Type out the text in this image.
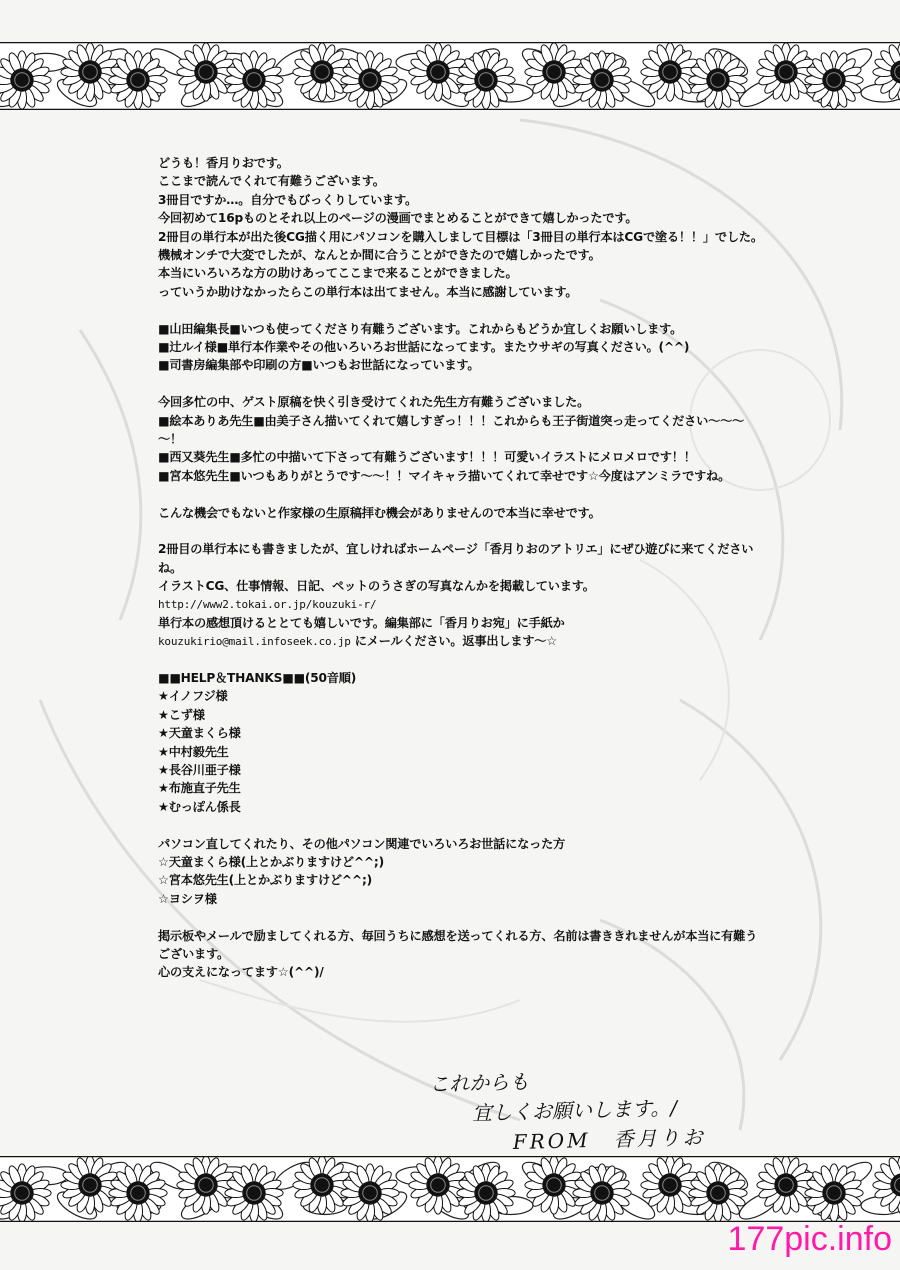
どうも！香月りおです。
ここまで読んでくれて有難うございます。
3冊目ですか…。自分でもびっくりしています。
今回初めて16pものとそれ以上のページの漫画でまとめることができて嬉しかったです。
2冊目の単行本が出た後CG描く用にパソコンを購入しまして目標は「3冊目の単行本はCGで塗る！！」でした。機械オンチで大変でしたが、なんとか間に合うことができたので嬉しかったです。
本当にいろいろな方の助けあってここまで来ることができました。
っていうか助けなかったらこの単行本は出てません。本当に感謝しています。
■山田編集長■いつも使ってくださり有難うございます。これからもどうか宜しくお願いします。
■辻ルイ様■単行本作業やその他いろいろお世話になってます。またウサギの写真ください。(^^)
■司書房編集部や印刷の方■いつもお世話になっています。
今回多忙の中、ゲスト原稿を快く引き受けてくれた先生方有難うございました。
■絵本ありあ先生■由美子さん描いてくれて嬉しすぎっ！！！これからも王子街道突っ走ってください～～～～！
■西又葵先生■多忙の中描いて下さって有難うございます！！！可愛いイラストにメロメロです！！
■宮本悠先生■いつもありがとうです～～！！マイキャラ描いてくれて幸せです☆今度はアンミラですね。
こんな機会でもないと作家様の生原稿拝む機会がありませんので本当に幸せです。
2冊目の単行本にも書きましたが、宜しければホームページ「香月りおのアトリエ」にぜひ遊びに来てくださいね。
イラストCG、仕事情報、日記、ペットのうさぎの写真なんかを掲載しています。
http://www2.tokai.or.jp/kouzuki-r/
単行本の感想頂けるととても嬉しいです。編集部に「香月りお宛」に手紙か
kouzukirio@mail.infoseek.co.jp にメールください。返事出します～☆
■■HELP＆THANKS■■(50音順)
★イノフジ様
★こず様
★天童まくら様
★中村毅先生
★長谷川亜子様
★布施直子先生
★むっぽん係長
パソコン直してくれたり、その他パソコン関連でいろいろお世話になった方
☆天童まくら様(上とかぶりますけど^^;)
☆宮本悠先生(上とかぶりますけど^^;)
☆ヨシヲ様
掲示板やメールで励ましてくれる方、毎回うちに感想を送ってくれる方、名前は書ききれませんが本当に有難うございます。
心の支えになってます☆(^^)/
これからも
宜しくお願いします。/
FROM　香月りお
177pic.info
